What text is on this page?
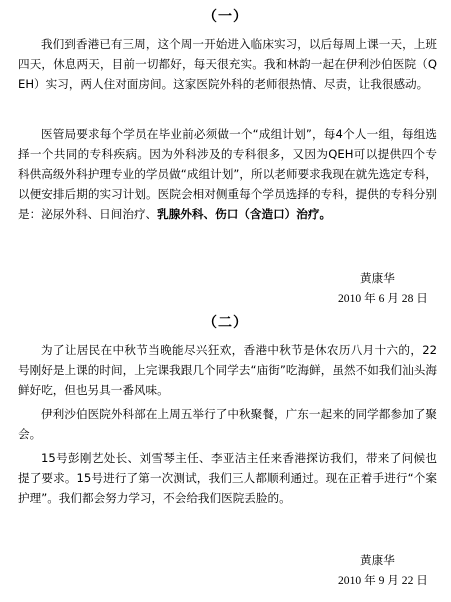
（一）

我们到香港已有三周，这个周一开始进入临床实习，以后每周上课一天，上班四天，休息两天，目前一切都好，每天很充实。我和林韵一起在伊利沙伯医院（QEH）实习，两人住对面房间。这家医院外科的老师很热情、尽责，让我很感动。

医管局要求每个学员在毕业前必须做一个“成组计划”，每4个人一组，每组选择一个共同的专科疾病。因为外科涉及的专科很多，又因为QEH可以提供四个专科供高级外科护理专业的学员做“成组计划”，所以老师要求我现在就先选定专科，以便安排后期的实习计划。医院会相对侧重每个学员选择的专科，提供的专科分别是：泌尿外科、日间治疗、乳腺外科、伤口（含造口）治疗。

黄康华
2010 年 6 月 28 日
（二）

为了让居民在中秋节当晚能尽兴狂欢，香港中秋节是休农历八月十六的，22号刚好是上课的时间，上完课我跟几个同学去“庙街”吃海鲜，虽然不如我们汕头海鲜好吃，但也另具一番风味。

伊利沙伯医院外科部在上周五举行了中秋聚餐，广东一起来的同学都参加了聚会。

15号彭刚艺处长、刘雪琴主任、李亚洁主任来香港探访我们，带来了问候也提了要求。15号进行了第一次测试，我们三人都顺利通过。现在正着手进行“个案护理”。我们都会努力学习，不会给我们医院丢脸的。

黄康华
2010 年 9 月 22 日
